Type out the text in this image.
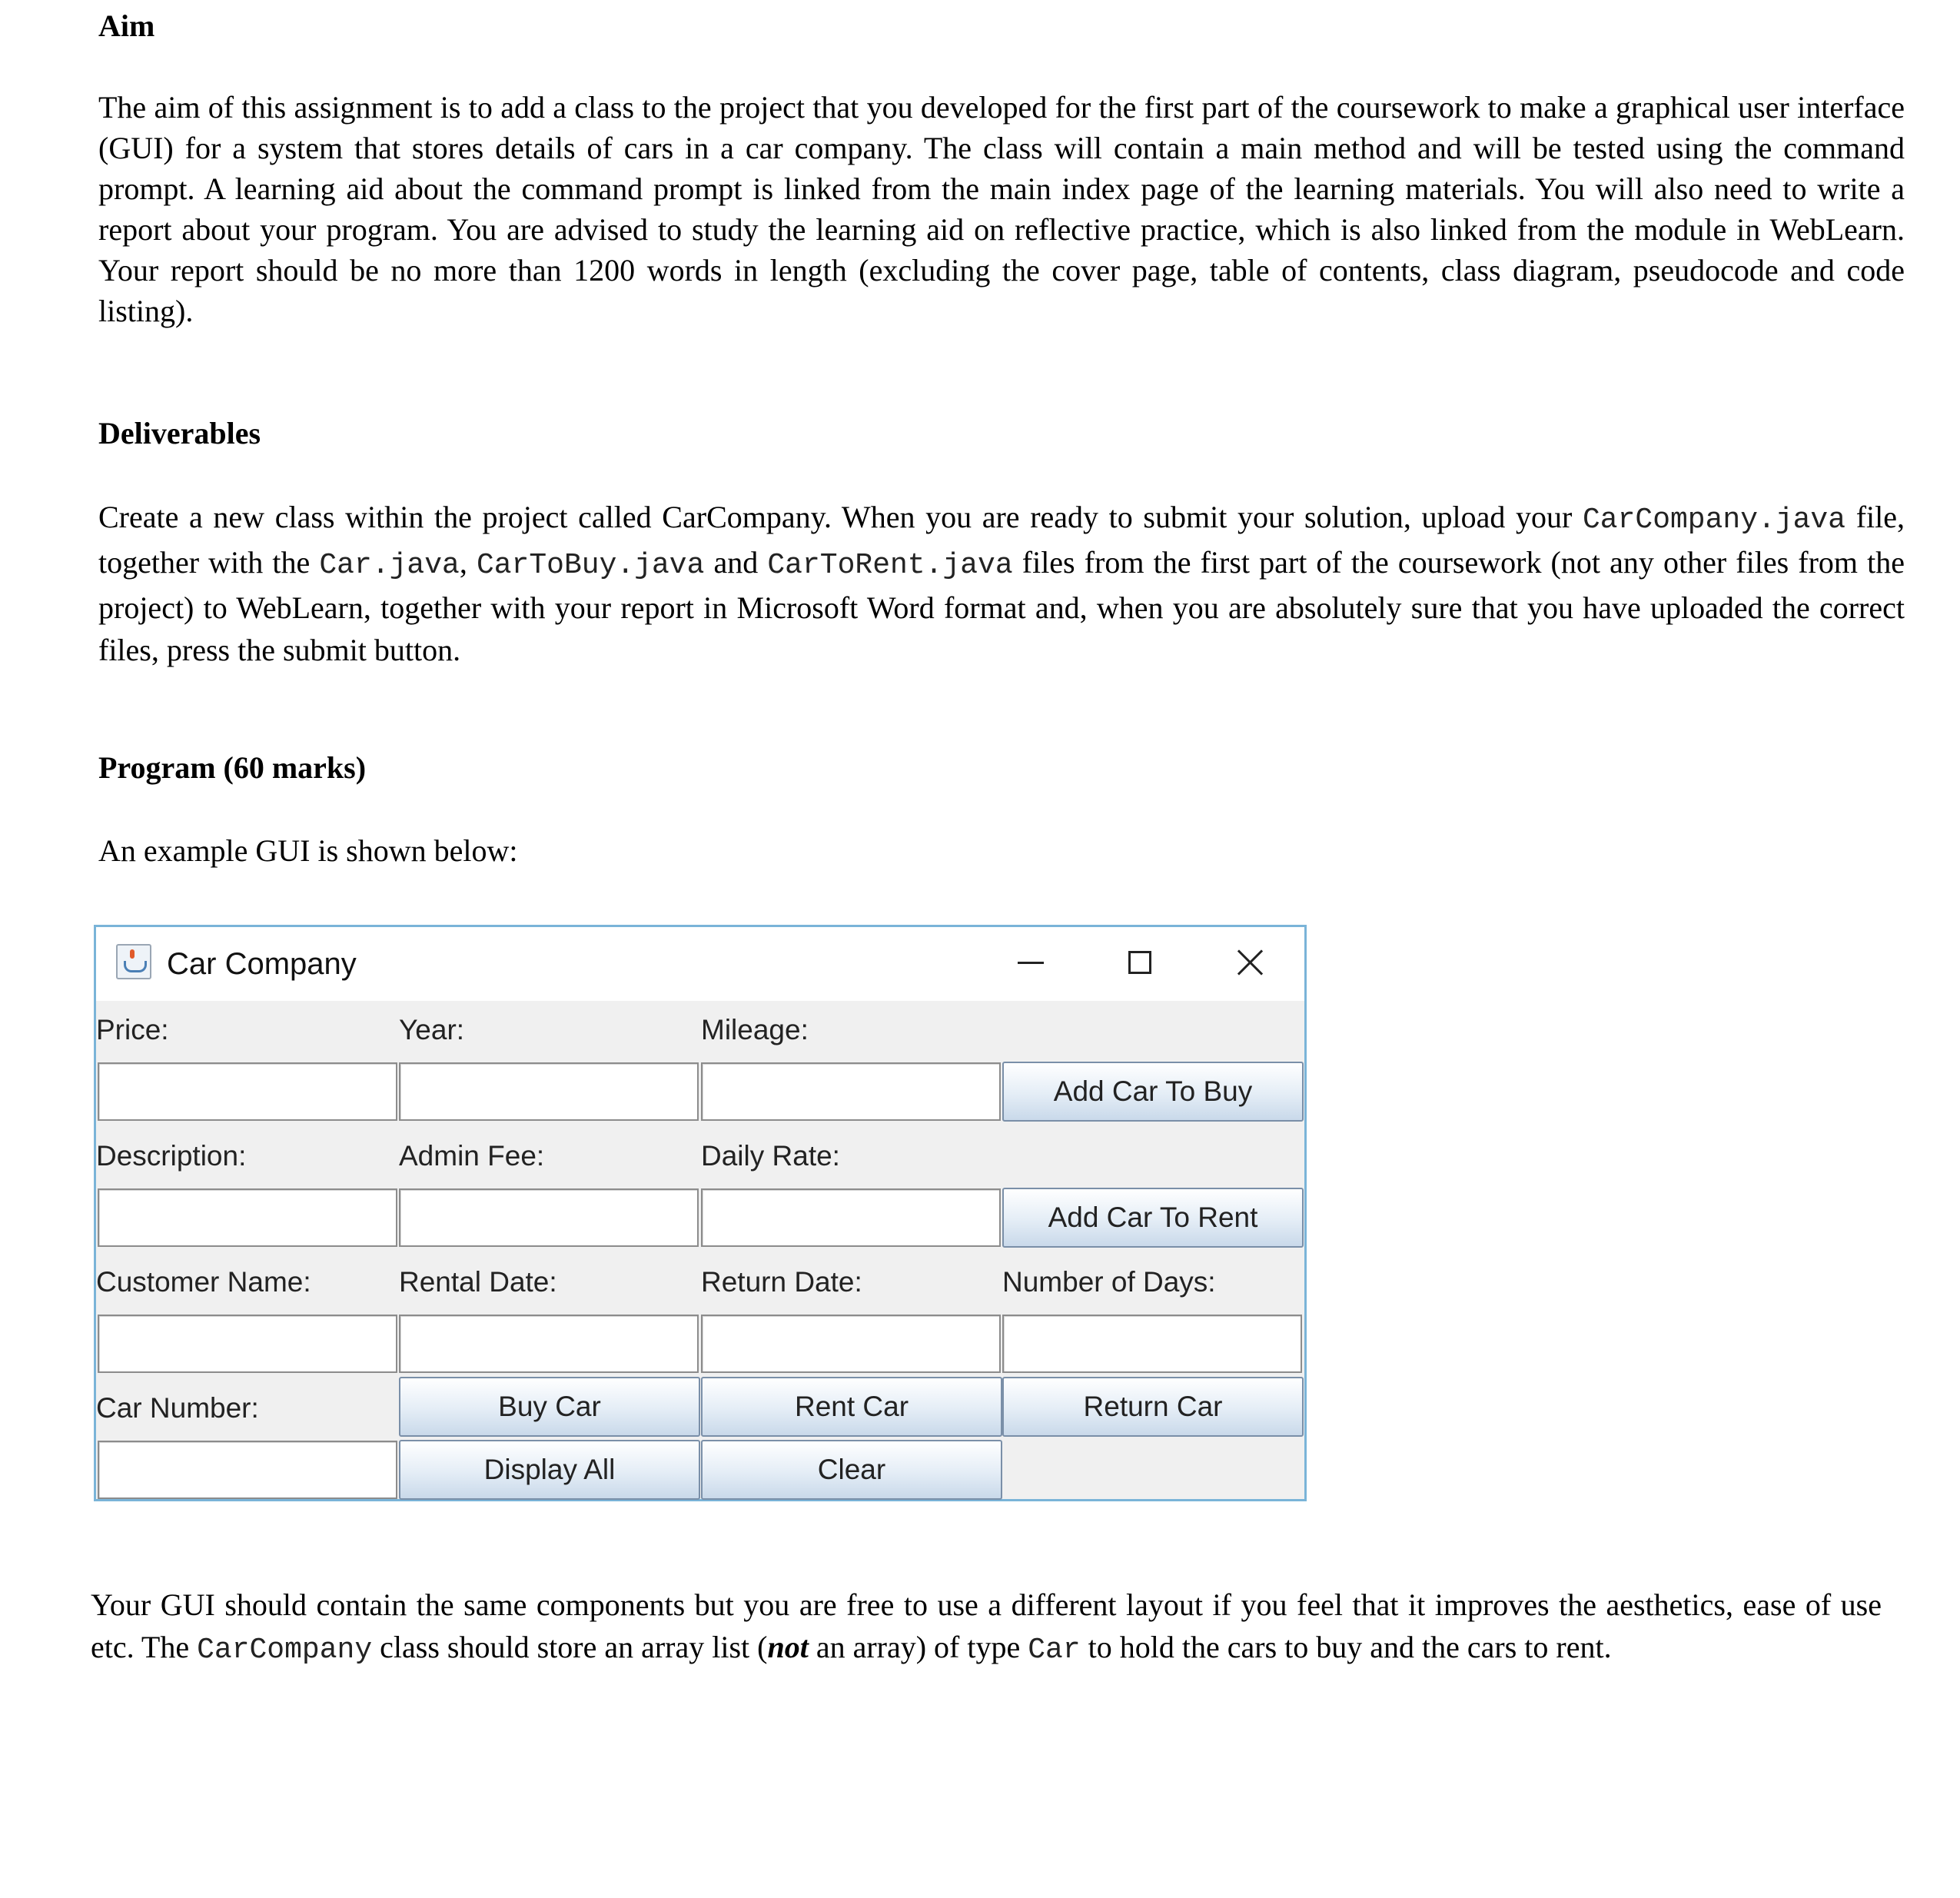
Aim

The aim of this assignment is to add a class to the project that you developed for the first part of the coursework to make a graphical user interface (GUI) for a system that stores details of cars in a car company. The class will contain a main method and will be tested using the command prompt. A learning aid about the command prompt is linked from the main index page of the learning materials. You will also need to write a report about your program. You are advised to study the learning aid on reflective practice, which is also linked from the module in WebLearn. Your report should be no more than 1200 words in length (excluding the cover page, table of contents, class diagram, pseudocode and code listing).

Deliverables

Create a new class within the project called CarCompany. When you are ready to submit your solution, upload your CarCompany.java file, together with the Car.java, CarToBuy.java and CarToRent.java files from the first part of the coursework (not any other files from the project) to WebLearn, together with your report in Microsoft Word format and, when you are absolutely sure that you have uploaded the correct files, press the submit button.

Program (60 marks)

An example GUI is shown below:

Car Company
Price:	Year:	Mileage:
Add Car To Buy
Description:	Admin Fee:	Daily Rate:
Add Car To Rent
Customer Name:	Rental Date:	Return Date:	Number of Days:
Car Number:	Buy Car	Rent Car	Return Car
Display All	Clear

Your GUI should contain the same components but you are free to use a different layout if you feel that it improves the aesthetics, ease of use etc. The CarCompany class should store an array list (not an array) of type Car to hold the cars to buy and the cars to rent.
